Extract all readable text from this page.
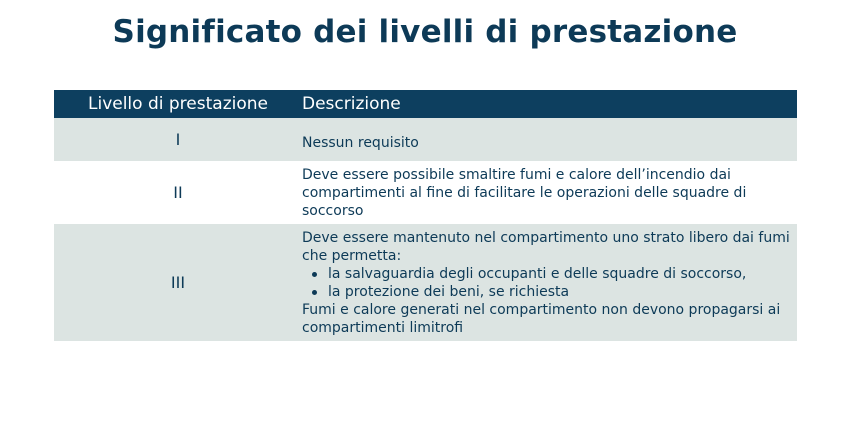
Significato dei livelli di prestazione
Livello di prestazione	Descrizione
I	Nessun requisito
II
Deve essere possibile smaltire fumi e calore dell’incendio dai compartimenti al fine di facilitare le operazioni delle squadre di soccorso
III
Deve essere mantenuto nel compartimento uno strato libero dai fumi che permetta:
la salvaguardia degli occupanti e delle squadre di soccorso,
la protezione dei beni, se richiesta
Fumi e calore generati nel compartimento non devono propagarsi ai compartimenti limitrofi
